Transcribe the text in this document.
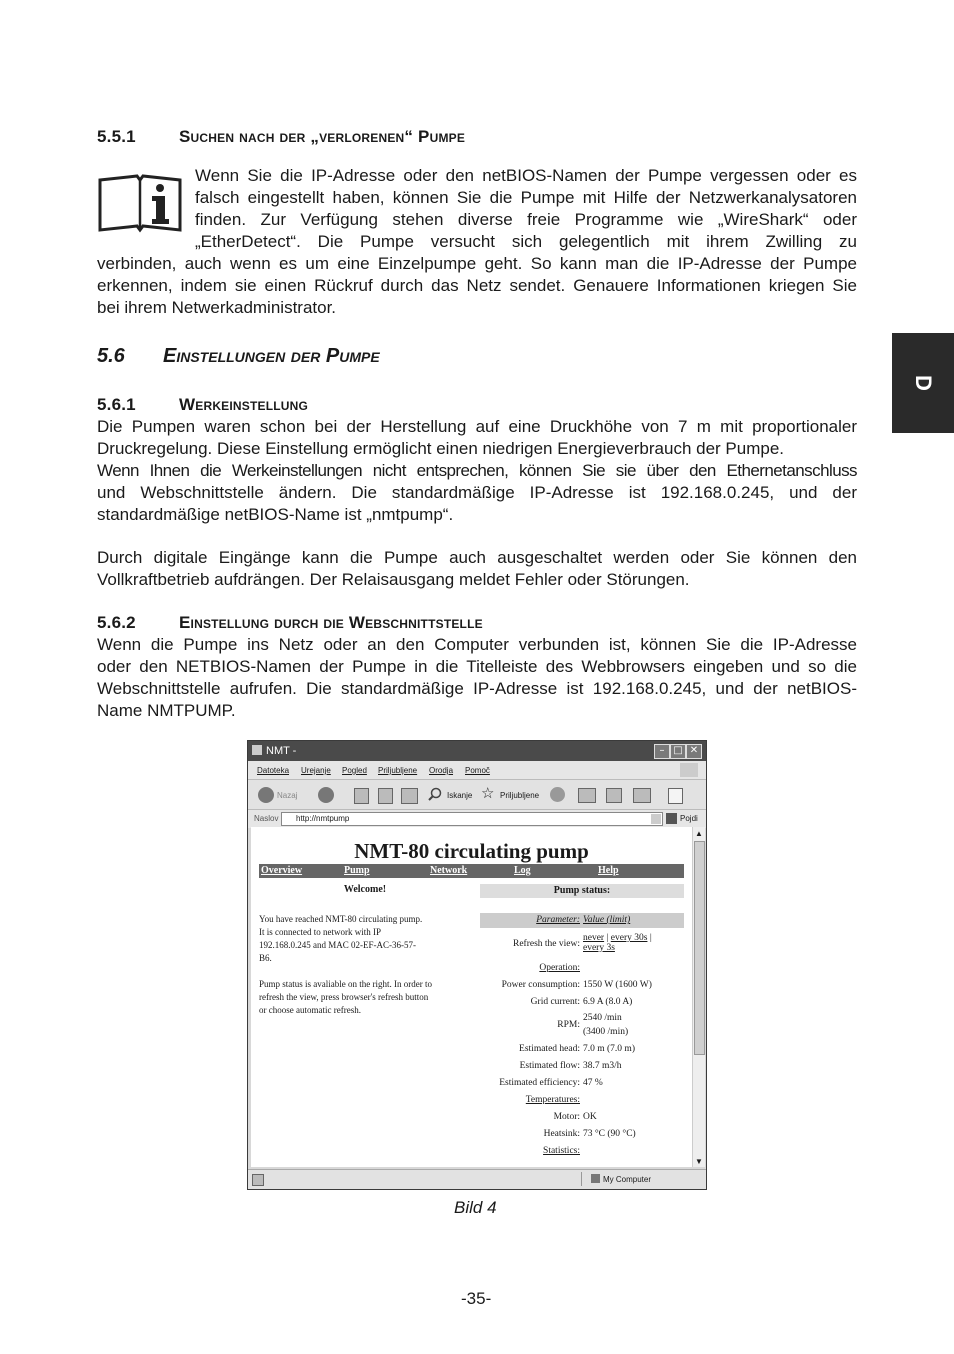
5.5.1	Suchen nach der „verlorenen“ Pumpe
Wenn Sie die IP-Adresse oder den netBIOS-Namen der Pumpe vergessen oder es
falsch eingestellt haben, können Sie die Pumpe mit Hilfe der Netzwerkanalysatoren
finden. Zur Verfügung stehen diverse freie Programme wie „WireShark“ oder
„EtherDetect“. Die Pumpe versucht sich gelegentlich mit ihrem Zwilling zu
verbinden, auch wenn es um eine Einzelpumpe geht. So kann man die IP-Adresse der Pumpe
erkennen, indem sie einen Rückruf durch das Netz sendet. Genauere Informationen kriegen Sie
bei ihrem Netwerkadministrator.
5.6 Einstellungen der Pumpe
D
5.6.1	Werkeinstellung
Die Pumpen waren schon bei der Herstellung auf eine Druckhöhe von 7 m mit proportionaler
Druckregelung. Diese Einstellung ermöglicht einen niedrigen Energieverbrauch der Pumpe.
Wenn Ihnen die Werkeinstellungen nicht entsprechen, können Sie sie über den Ethernetanschluss
und Webschnittstelle ändern. Die standardmäßige IP-Adresse ist 192.168.0.245, und der
standardmäßige netBIOS-Name ist „nmtpump“.
Durch digitale Eingänge kann die Pumpe auch ausgeschaltet werden oder Sie können den
Vollkraftbetrieb aufdrängen. Der Relaisausgang meldet Fehler oder Störungen.
5.6.2	Einstellung durch die Webschnittstelle
Wenn die Pumpe ins Netz oder an den Computer verbunden ist, können Sie die IP-Adresse
oder den NETBIOS-Namen der Pumpe in die Titelleiste des Webbrowsers eingeben und so die
Webschnittstelle aufrufen. Die standardmäßige IP-Adresse ist 192.168.0.245, und der netBIOS-
Name NMTPUMP.
NMT -	– □ ✕
Datoteka Urejanje Pogled Priljubljene Orodja Pomoč
Nazaj	Iskanje ☆ Priljubljene
Naslov http://nmtpump	Pojdi
NMT-80 circulating pump
Overview	Pump	Network	Log	Help
Welcome!	Pump status:
You have reached NMT-80 circulating pump.
It is connected to network with IP
192.168.0.245 and MAC 02-EF-AC-36-57-
B6.
Pump status is avaliable on the right. In order to
refresh the view, press browser's refresh button
or choose automatic refresh.
Parameter: Value (limit)
Refresh the view:
never | every 30s |
every 3s
Operation:
Power consumption: 1550 W (1600 W)
Grid current: 6.9 A (8.0 A)
RPM:
2540 /min
(3400 /min)
Estimated head: 7.0 m (7.0 m)
Estimated flow: 38.7 m3/h
Estimated efficiency: 47 %
Temperatures:
Motor: OK
Heatsink: 73 °C (90 °C)
Statistics:
▲
▼
My Computer
Bild 4
-35-
